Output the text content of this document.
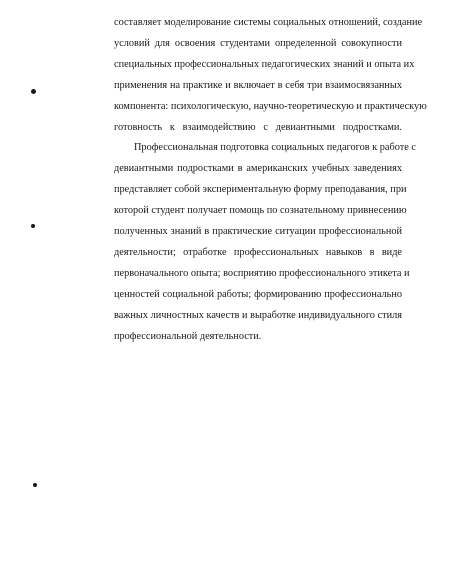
составляет моделирование системы социальных отношений, создание
условий для освоения студентами определенной совокупности
специальных профессиональных педагогических знаний и опыта их
применения на практике и включает в себя три взаимосвязанных
компонента: психологическую, научно-теоретическую и практическую
готовность к взаимодействию с девиантными подростками.
Профессиональная подготовка социальных педагогов к работе с
девиантными подростками в американских учебных заведениях
представляет собой экспериментальную форму преподавания, при
которой студент получает помощь по сознательному привнесению
полученных знаний в практические ситуации профессиональной
деятельности; отработке профессиональных навыков в виде
первоначального опыта; восприятию профессионального этикета и
ценностей социальной работы; формированию профессионально
важных личностных качеств и выработке индивидуального стиля
профессиональной деятельности.
